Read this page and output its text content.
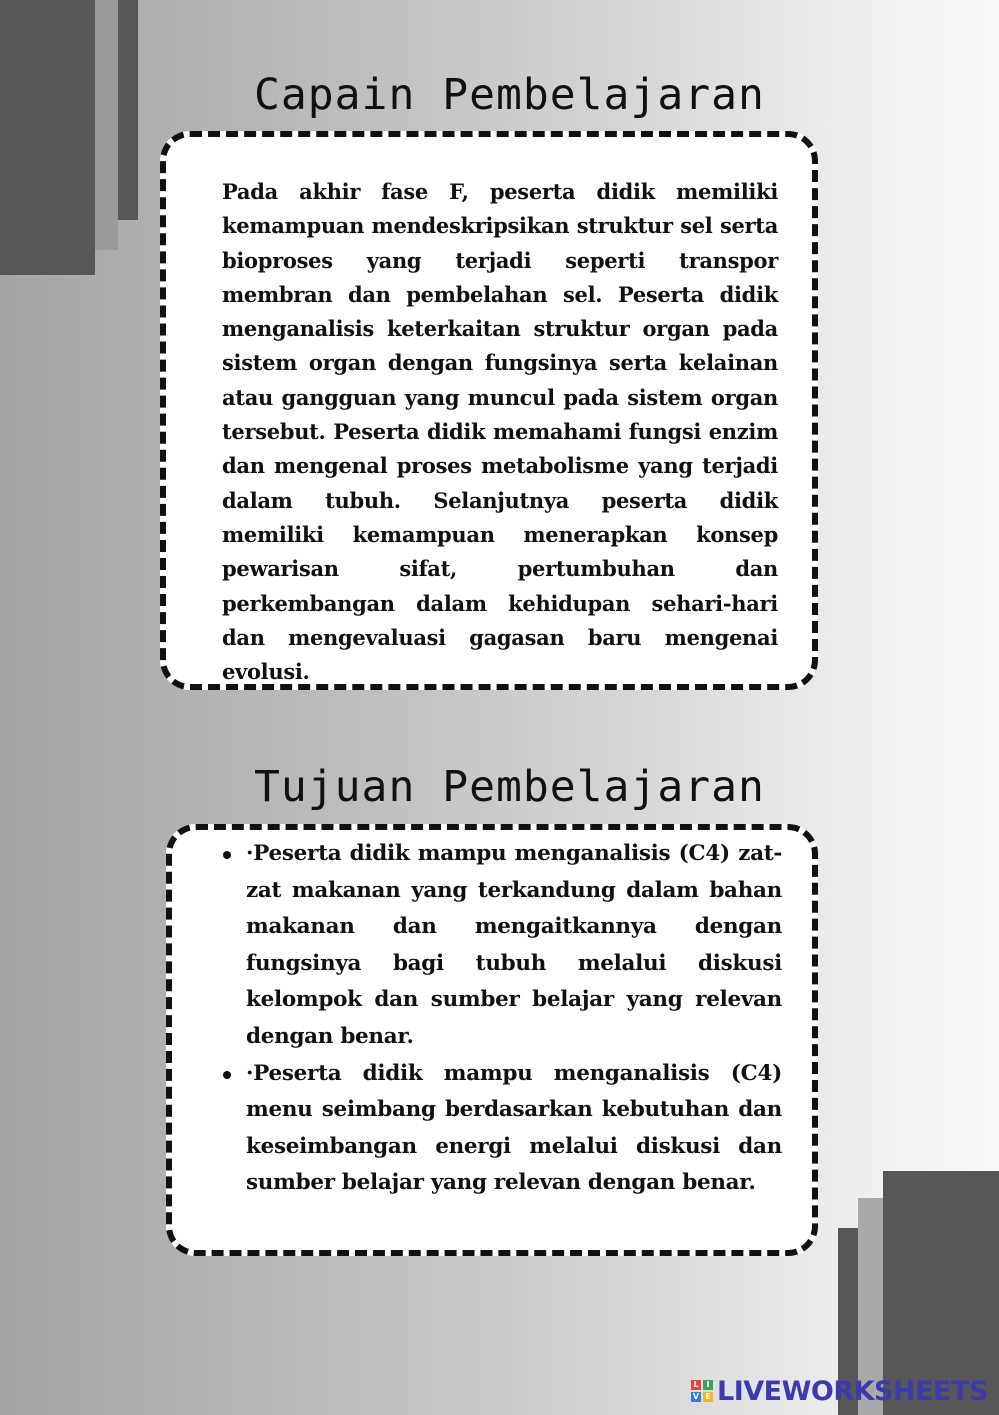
Capain Pembelajaran

Pada akhir fase F, peserta didik memiliki kemampuan mendeskripsikan struktur sel serta bioproses yang terjadi seperti transpor membran dan pembelahan sel. Peserta didik menganalisis keterkaitan struktur organ pada sistem organ dengan fungsinya serta kelainan atau gangguan yang muncul pada sistem organ tersebut. Peserta didik memahami fungsi enzim dan mengenal proses metabolisme yang terjadi dalam tubuh. Selanjutnya peserta didik memiliki kemampuan menerapkan konsep pewarisan sifat, pertumbuhan dan perkembangan dalam kehidupan sehari-hari dan mengevaluasi gagasan baru mengenai evolusi.

Tujuan Pembelajaran
·Peserta didik mampu menganalisis (C4) zat-zat makanan yang terkandung dalam bahan makanan dan mengaitkannya dengan fungsinya bagi tubuh melalui diskusi kelompok dan sumber belajar yang relevan dengan benar.
·Peserta didik mampu menganalisis (C4) menu seimbang berdasarkan kebutuhan dan keseimbangan energi melalui diskusi dan sumber belajar yang relevan dengan benar.
L I
V E LIVEWORKSHEETS
